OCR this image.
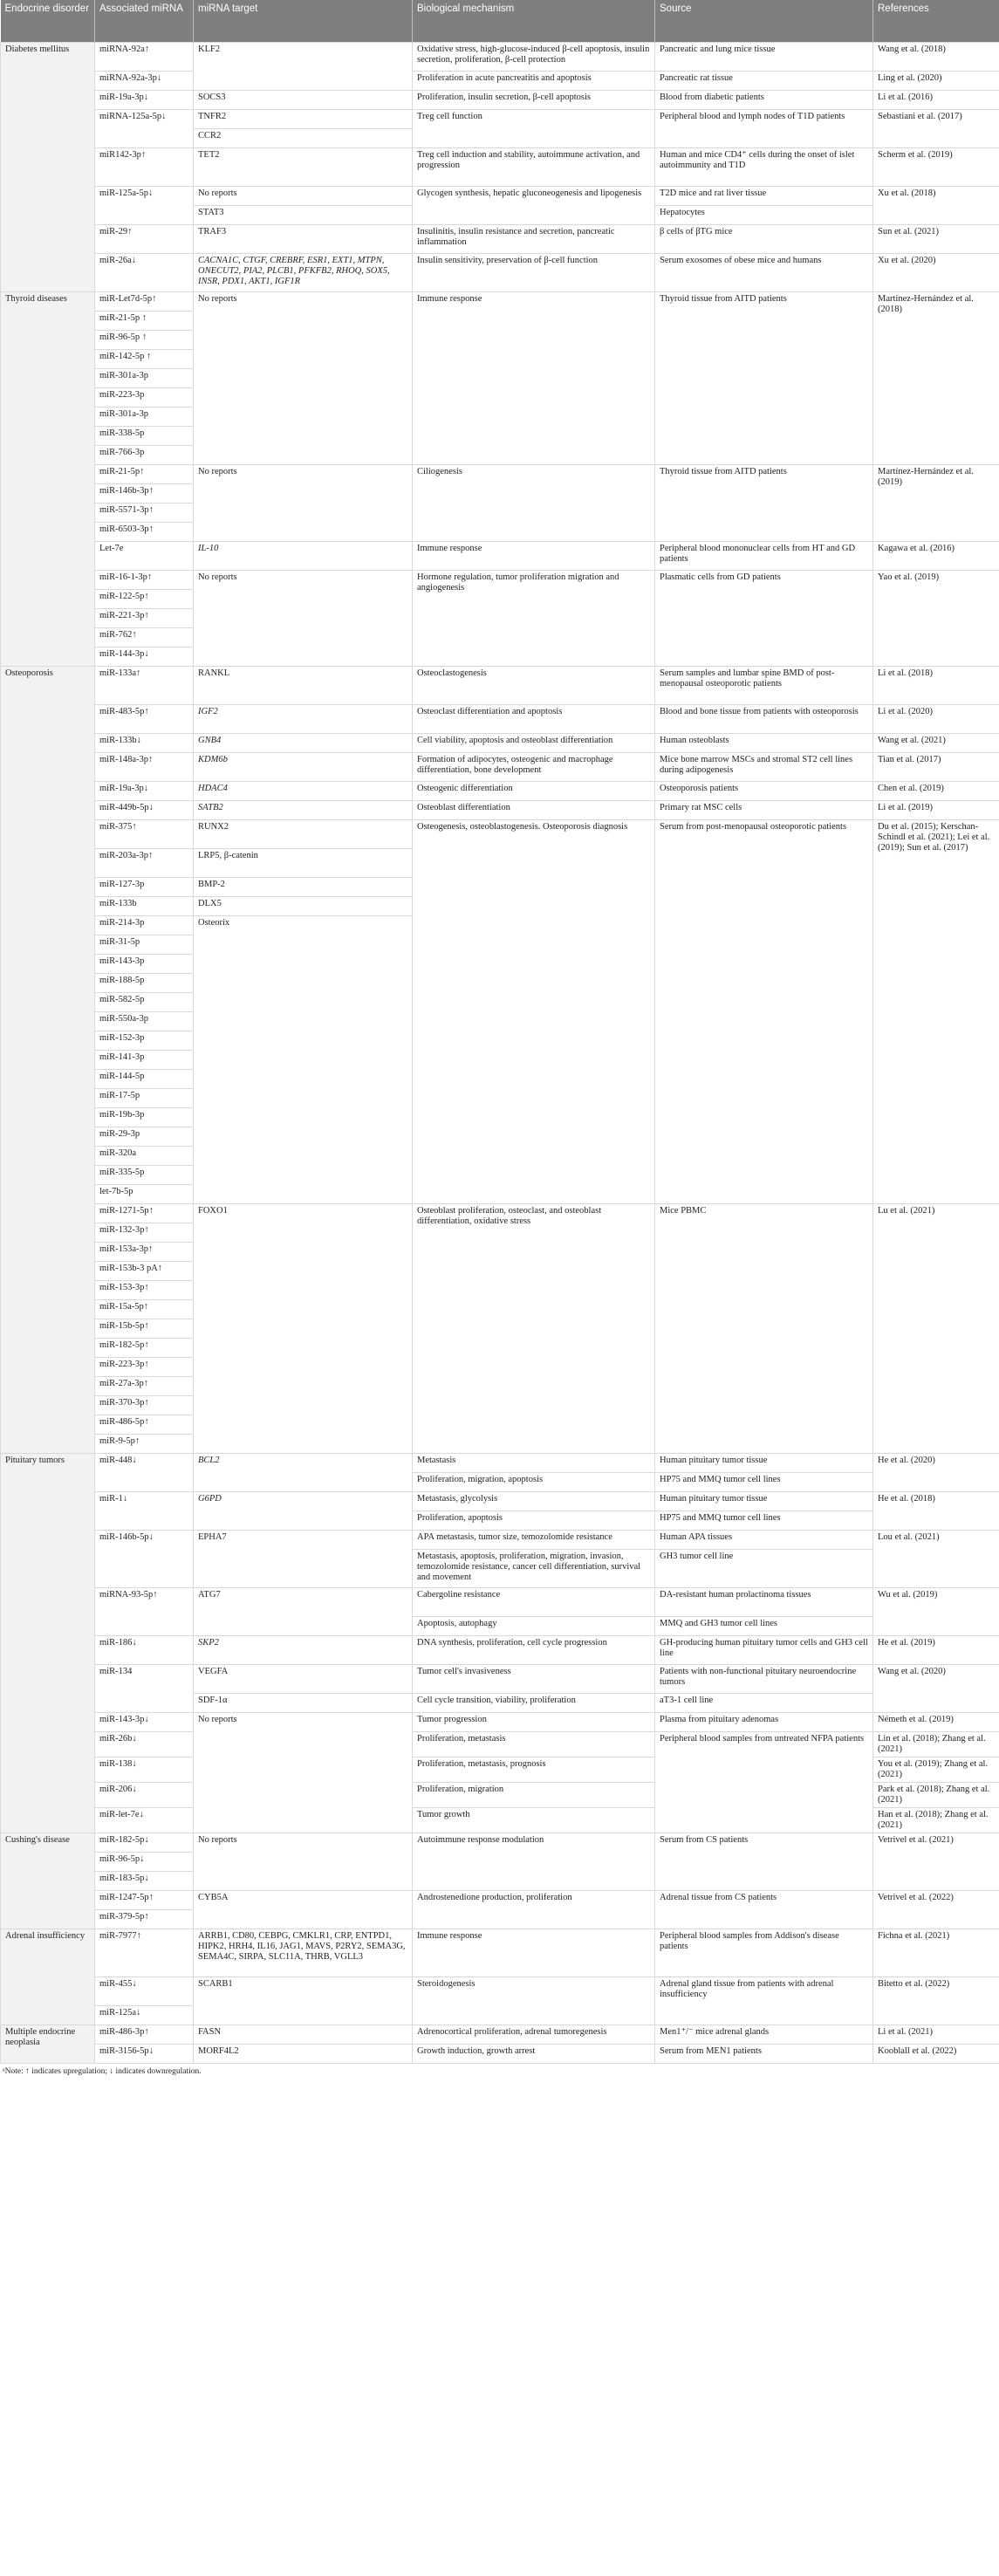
Endocrine disorder	Associated miRNA	miRNA target	Biological mechanism	Source	References
Diabetes mellitus	miRNA-92a↑	KLF2	Oxidative stress, high-glucose-induced β-cell apoptosis, insulin secretion, proliferation, β-cell protection	Pancreatic and lung mice tissue	Wang et al. (2018)
	miRNA-92a-3p↓		Proliferation in acute pancreatitis and apoptosis	Pancreatic rat tissue	Ling et al. (2020)
	miR-19a-3p↓	SOCS3	Proliferation, insulin secretion, β-cell apoptosis	Blood from diabetic patients	Li et al. (2016)
	miRNA-125a-5p↓	TNFR2	Treg cell function	Peripheral blood and lymph nodes of T1D patients	Sebastiani et al. (2017)
		CCR2			
	miR142-3p↑	TET2	Treg cell induction and stability, autoimmune activation, and progression	Human and mice CD4⁺ cells during the onset of islet autoimmunity and T1D	Scherm et al. (2019)
	miR-125a-5p↓	No reports	Glycogen synthesis, hepatic gluconeogenesis and lipogenesis	T2D mice and rat liver tissue	Xu et al. (2018)
		STAT3		Hepatocytes	
	miR-29↑	TRAF3	Insulinitis, insulin resistance and secretion, pancreatic inflammation	β cells of βTG mice	Sun et al. (2021)
	miR-26a↓	CACNA1C, CTGF, CREBRF, ESR1, EXT1, MTPN, ONECUT2, PIA2, PLCB1, PFKFB2, RHOQ, SOX5, INSR, PDX1, AKT1, IGF1R	Insulin sensitivity, preservation of β-cell function	Serum exosomes of obese mice and humans	Xu et al. (2020)
Thyroid diseases	miR-Let7d-5p↑	No reports	Immune response	Thyroid tissue from AITD patients	Martínez-Hernández et al. (2018)
	miR-21-5p ↑				
	miR-96-5p ↑				
	miR-142-5p ↑				
	miR-301a-3p				
	miR-223-3p				
	miR-301a-3p				
	miR-338-5p				
	miR-766-3p				
	miR-21-5p↑	No reports	Ciliogenesis	Thyroid tissue from AITD patients	Martínez-Hernández et al. (2019)
	miR-146b-3p↑				
	miR-5571-3p↑				
	miR-6503-3p↑				
	Let-7e	IL-10	Immune response	Peripheral blood mononuclear cells from HT and GD patients	Kagawa et al. (2016)
	miR-16-1-3p↑	No reports	Hormone regulation, tumor proliferation migration and angiogenesis	Plasmatic cells from GD patients	Yao et al. (2019)
	miR-122-5p↑				
	miR-221-3p↑				
	miR-762↑				
	miR-144-3p↓				
Osteoporosis	miR-133a↑	RANKL	Osteoclastogenesis	Serum samples and lumbar spine BMD of post-menopausal osteoporotic patients	Li et al. (2018)
	miR-483-5p↑	IGF2	Osteoclast differentiation and apoptosis	Blood and bone tissue from patients with osteoporosis	Li et al. (2020)
	miR-133b↓	GNB4	Cell viability, apoptosis and osteoblast differentiation	Human osteoblasts	Wang et al. (2021)
	miR-148a-3p↑	KDM6b	Formation of adipocytes, osteogenic and macrophage differentiation, bone development	Mice bone marrow MSCs and stromal ST2 cell lines during adipogenesis	Tian et al. (2017)
	miR-19a-3p↓	HDAC4	Osteogenic differentiation	Osteoporosis patients	Chen et al. (2019)
	miR-449b-5p↓	SATB2	Osteoblast differentiation	Primary rat MSC cells	Li et al. (2019)
	miR-375↑	RUNX2	Osteogenesis, osteoblastogenesis. Osteoporosis diagnosis	Serum from post-menopausal osteoporotic patients	Du et al. (2015); Kerschan-Schindl et al. (2021); Lei et al. (2019); Sun et al. (2017)
	miR-203a-3p↑	LRP5, β-catenin			
	miR-127-3p	BMP-2			
	miR-133b	DLX5			
	miR-214-3p	Osteorix			
	miR-31-5p				
	miR-143-3p				
	miR-188-5p				
	miR-582-5p				
	miR-550a-3p				
	miR-152-3p				
	miR-141-3p				
	miR-144-5p				
	miR-17-5p				
	miR-19b-3p				
	miR-29-3p				
	miR-320a				
	miR-335-5p				
	let-7b-5p				
	miR-1271-5p↑	FOXO1	Osteoblast proliferation, osteoclast, and osteoblast differentiation, oxidative stress	Mice PBMC	Lu et al. (2021)
	miR-132-3p↑				
	miR-153a-3p↑				
	miR-153b-3 pA↑				
	miR-153-3p↑				
	miR-15a-5p↑				
	miR-15b-5p↑				
	miR-182-5p↑				
	miR-223-3p↑				
	miR-27a-3p↑				
	miR-370-3p↑				
	miR-486-5p↑				
	miR-9-5p↑				
Pituitary tumors	miR-448↓	BCL2	Metastasis	Human pituitary tumor tissue	He et al. (2020)
			Proliferation, migration, apoptosis	HP75 and MMQ tumor cell lines	
	miR-1↓	G6PD	Metastasis, glycolysis	Human pituitary tumor tissue	He et al. (2018)
			Proliferation, apoptosis	HP75 and MMQ tumor cell lines	
	miR-146b-5p↓	EPHA7	APA metastasis, tumor size, temozolomide resistance	Human APA tissues	Lou et al. (2021)
			Metastasis, apoptosis, proliferation, migration, invasion, temozolomide resistance, cancer cell differentiation, survival and movement	GH3 tumor cell line	
	miRNA-93-5p↑	ATG7	Cabergoline resistance	DA-resistant human prolactinoma tissues	Wu et al. (2019)
			Apoptosis, autophagy	MMQ and GH3 tumor cell lines	
	miR-186↓	SKP2	DNA synthesis, proliferation, cell cycle progression	GH-producing human pituitary tumor cells and GH3 cell line	He et al. (2019)
	miR-134	VEGFA	Tumor cell's invasiveness	Patients with non-functional pituitary neuroendocrine tumors	Wang et al. (2020)
		SDF-1α	Cell cycle transition, viability, proliferation	aT3-1 cell line	
	miR-143-3p↓	No reports	Tumor progression	Plasma from pituitary adenomas	Németh et al. (2019)
	miR-26b↓		Proliferation, metastasis	Peripheral blood samples from untreated NFPA patients	Lin et al. (2018); Zhang et al. (2021)
	miR-138↓		Proliferation, metastasis, prognosis		You et al. (2019); Zhang et al. (2021)
	miR-206↓		Proliferation, migration		Park et al. (2018); Zhang et al. (2021)
	miR-let-7e↓		Tumor growth		Han et al. (2018); Zhang et al. (2021)
Cushing's disease	miR-182-5p↓	No reports	Autoimmune response modulation	Serum from CS patients	Vetrivel et al. (2021)
	miR-96-5p↓				
	miR-183-5p↓				
	miR-1247-5p↑	CYB5A	Androstenedione production, proliferation	Adrenal tissue from CS patients	Vetrivel et al. (2022)
	miR-379-5p↑				
Adrenal insufficiency	miR-7977↑	ARRB1, CD80, CEBPG, CMKLR1, CRP, ENTPD1, HIPK2, HRH4, IL16, JAG1, MAVS, P2RY2, SEMA3G, SEMA4C, SIRPA, SLC11A, THRB, VGLL3	Immune response	Peripheral blood samples from Addison's disease patients	Fichna et al. (2021)
	miR-455↓	SCARB1	Steroidogenesis	Adrenal gland tissue from patients with adrenal insufficiency	Bitetto et al. (2022)
	miR-125a↓				
Multiple endocrine neoplasia	miR-486-3p↑	FASN	Adrenocortical proliferation, adrenal tumoregenesis	Men1⁺/⁻ mice adrenal glands	Li et al. (2021)
	miR-3156-5p↓	MORF4L2	Growth induction, growth arrest	Serum from MEN1 patients	Kooblall et al. (2022)
ᵃNote: ↑ indicates upregulation; ↓ indicates downregulation.
